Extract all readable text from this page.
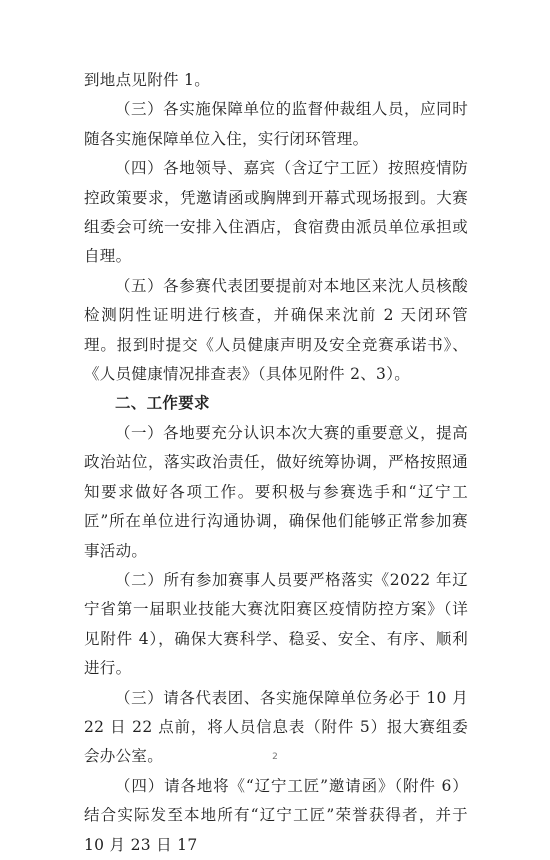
到地点见附件 1。

（三）各实施保障单位的监督仲裁组人员，应同时随各实施保障单位入住，实行闭环管理。

（四）各地领导、嘉宾（含辽宁工匠）按照疫情防控政策要求，凭邀请函或胸牌到开幕式现场报到。大赛组委会可统一安排入住酒店，食宿费由派员单位承担或自理。

（五）各参赛代表团要提前对本地区来沈人员核酸检测阴性证明进行核查，并确保来沈前 2 天闭环管理。报到时提交《人员健康声明及安全竞赛承诺书》、《人员健康情况排查表》（具体见附件 2、3）。

二、工作要求

（一）各地要充分认识本次大赛的重要意义，提高政治站位，落实政治责任，做好统筹协调，严格按照通知要求做好各项工作。要积极与参赛选手和“辽宁工匠”所在单位进行沟通协调，确保他们能够正常参加赛事活动。

（二）所有参加赛事人员要严格落实《2022 年辽宁省第一届职业技能大赛沈阳赛区疫情防控方案》（详见附件 4），确保大赛科学、稳妥、安全、有序、顺利进行。

（三）请各代表团、各实施保障单位务必于 10 月 22 日 22 点前，将人员信息表（附件 5）报大赛组委会办公室。

（四）请各地将《“辽宁工匠”邀请函》（附件 6）结合实际发至本地所有“辽宁工匠”荣誉获得者，并于 10 月 23 日 17

2
